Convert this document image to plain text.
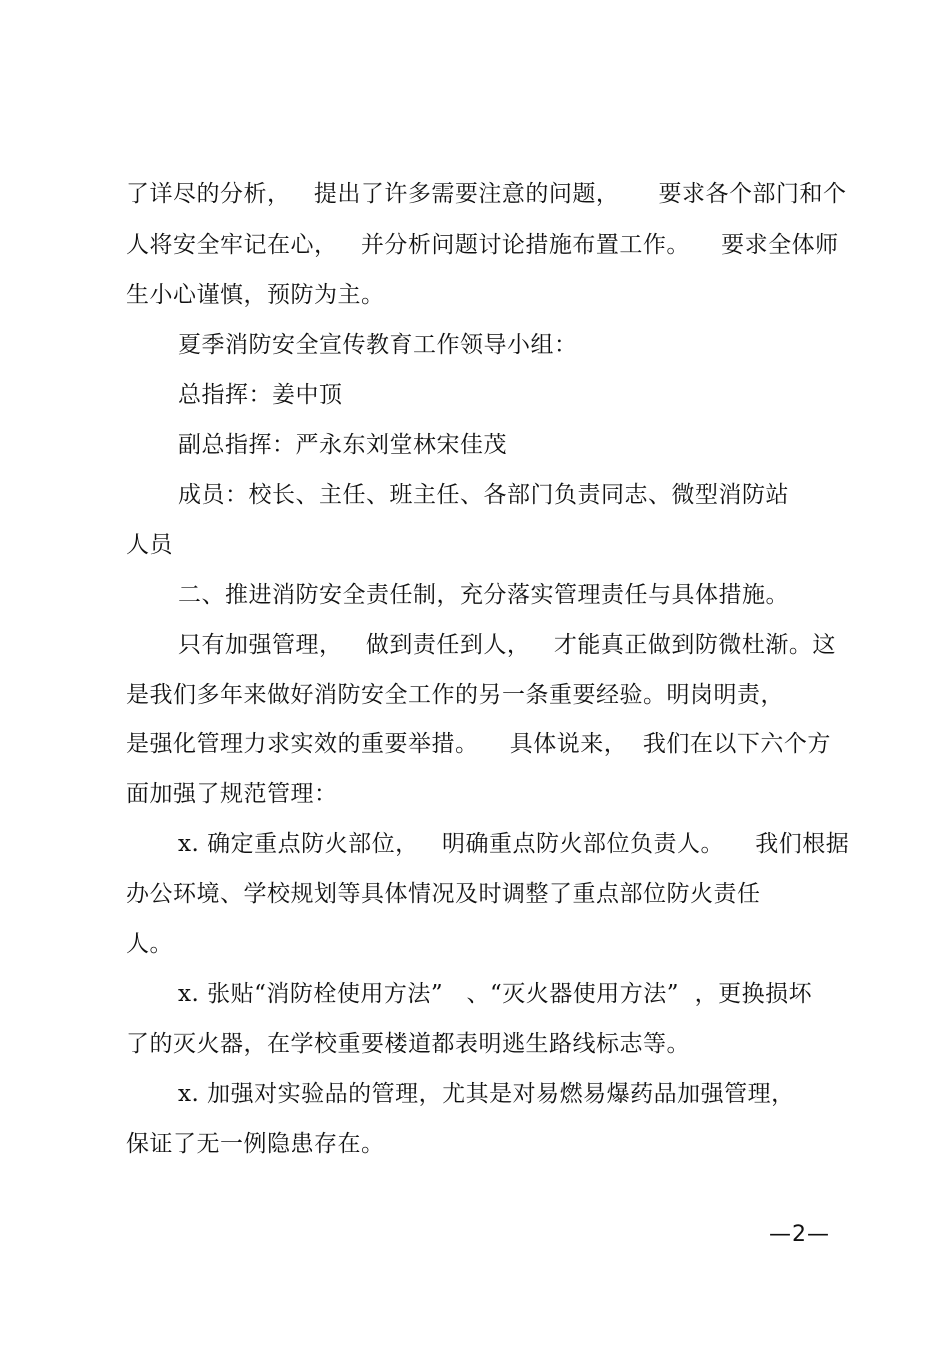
了详尽的分析，   提出了许多需要注意的问题，     要求各个部门和个
人将安全牢记在心，   并分析问题讨论措施布置工作。    要求全体师
生小心谨慎，预防为主。
夏季消防安全宣传教育工作领导小组：
总指挥：姜中顶
副总指挥：严永东刘堂林宋佳茂
成员：校长、主任、班主任、各部门负责同志、微型消防站
人员
二、推进消防安全责任制，充分落实管理责任与具体措施。
只有加强管理，   做到责任到人，   才能真正做到防微杜渐。这
是我们多年来做好消防安全工作的另一条重要经验。明岗明责，
是强化管理力求实效的重要举措。    具体说来，  我们在以下六个方
面加强了规范管理：
x. 确定重点防火部位，   明确重点防火部位负责人。    我们根据
办公环境、学校规划等具体情况及时调整了重点部位防火责任
人。
x. 张贴“消防栓使用方法”   、“灭火器使用方法”  ，更换损坏
了的灭火器，在学校重要楼道都表明逃生路线标志等。
x. 加强对实验品的管理，尤其是对易燃易爆药品加强管理，
保证了无一例隐患存在。
—2—
